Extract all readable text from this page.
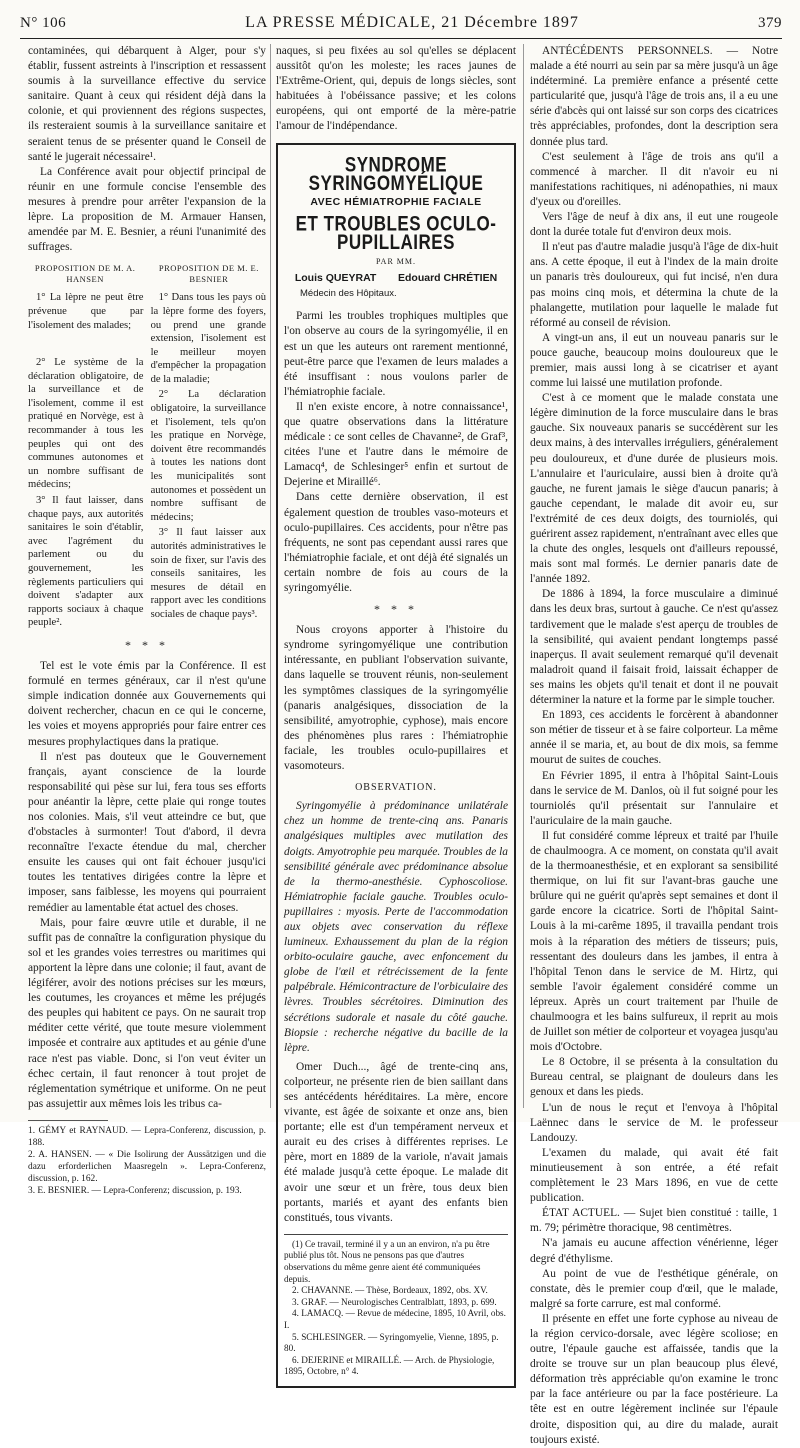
N° 106	LA PRESSE MÉDICALE, 21 Décembre 1897	379

contaminées, qui débarquent à Alger, pour s'y établir, fussent astreints à l'inscription et ressassent soumis à la surveillance effective du service sanitaire. Quant à ceux qui résident déjà dans la colonie, et qui proviennent des régions suspectes, ils resteraient soumis à la surveillance sanitaire et seraient tenus de se présenter quand le Conseil de santé le jugerait nécessaire¹.

La Conférence avait pour objectif principal de réunir en une formule concise l'ensemble des mesures à prendre pour arrêter l'expansion de la lèpre. La proposition de M. Armauer Hansen, amendée par M. E. Besnier, a réuni l'unanimité des suffrages.

PROPOSITION DE M. A. HANSEN
PROPOSITION DE M. E. BESNIER

1° La lèpre ne peut être prévenue que par l'isolement des malades;

2° Le système de la déclaration obligatoire, de la surveillance et de l'isolement, comme il est pratiqué en Norvège, est à recommander à tous les peuples qui ont des communes autonomes et un nombre suffisant de médecins;

3° Il faut laisser, dans chaque pays, aux autorités sanitaires le soin d'établir, avec l'agrément du parlement ou du gouvernement, les règlements particuliers qui doivent s'adapter aux rapports sociaux à chaque peuple².

1° Dans tous les pays où la lèpre forme des foyers, ou prend une grande extension, l'isolement est le meilleur moyen d'empêcher la propagation de la maladie;

2° La déclaration obligatoire, la surveillance et l'isolement, tels qu'on les pratique en Norvège, doivent être recommandés à toutes les nations dont les municipalités sont autonomes et possèdent un nombre suffisant de médecins;

3° Il faut laisser aux autorités administratives le soin de fixer, sur l'avis des conseils sanitaires, les mesures de détail en rapport avec les conditions sociales de chaque pays³.

* * *

Tel est le vote émis par la Conférence. Il est formulé en termes généraux, car il n'est qu'une simple indication donnée aux Gouvernements qui doivent rechercher, chacun en ce qui le concerne, les voies et moyens appropriés pour faire entrer ces mesures prophylactiques dans la pratique.

Il n'est pas douteux que le Gouvernement français, ayant conscience de la lourde responsabilité qui pèse sur lui, fera tous ses efforts pour anéantir la lèpre, cette plaie qui ronge toutes nos colonies. Mais, s'il veut atteindre ce but, que d'obstacles à surmonter! Tout d'abord, il devra reconnaître l'exacte étendue du mal, chercher ensuite les causes qui ont fait échouer jusqu'ici toutes les tentatives dirigées contre la lèpre et imposer, sans faiblesse, les moyens qui pourraient remédier au lamentable état actuel des choses.

Mais, pour faire œuvre utile et durable, il ne suffit pas de connaître la configuration physique du sol et les grandes voies terrestres ou maritimes qui apportent la lèpre dans une colonie; il faut, avant de légiférer, avoir des notions précises sur les mœurs, les coutumes, les croyances et même les préjugés des peuples qui habitent ce pays. On ne saurait trop méditer cette vérité, que toute mesure violemment imposée et contraire aux aptitudes et au génie d'une race n'est pas viable. Donc, si l'on veut éviter un échec certain, il faut renoncer à tout projet de réglementation symétrique et uniforme. On ne peut pas assujettir aux mêmes lois les tribus ca-

1. GÉMY et RAYNAUD. — Lepra-Conferenz, discussion, p. 188.

2. A. HANSEN. — « Die Isolirung der Aussätzigen und die dazu erforderlichen Maasregeln ». Lepra-Conferenz, discussion, p. 162.

3. E. BESNIER. — Lepra-Conferenz; discussion, p. 193.

naques, si peu fixées au sol qu'elles se déplacent aussitôt qu'on les moleste; les races jaunes de l'Extrême-Orient, qui, depuis de longs siècles, sont habituées à l'obéissance passive; et les colons européens, qui ont emporté de la mère-patrie l'amour de l'indépendance.

SYNDROME SYRINGOMYÉLIQUE
AVEC HÉMIATROPHIE FACIALE
ET TROUBLES OCULO-PUPILLAIRES
PAR MM.
Louis QUEYRAT Edouard CHRÉTIEN
Médecin des Hôpitaux.

Parmi les troubles trophiques multiples que l'on observe au cours de la syringomyélie, il en est un que les auteurs ont rarement mentionné, peut-être parce que l'examen de leurs malades a été insuffisant : nous voulons parler de l'hémiatrophie faciale.

Il n'en existe encore, à notre connaissance¹, que quatre observations dans la littérature médicale : ce sont celles de Chavanne², de Graf³, citées l'une et l'autre dans le mémoire de Lamacq⁴, de Schlesinger⁵ enfin et surtout de Dejerine et Miraillé⁶.

Dans cette dernière observation, il est également question de troubles vaso-moteurs et oculo-pupillaires. Ces accidents, pour n'être pas fréquents, ne sont pas cependant aussi rares que l'hémiatrophie faciale, et ont déjà été signalés un certain nombre de fois au cours de la syringomyélie.

* * *

Nous croyons apporter à l'histoire du syndrome syringomyélique une contribution intéressante, en publiant l'observation suivante, dans laquelle se trouvent réunis, non-seulement les symptômes classiques de la syringomyélie (panaris analgésiques, dissociation de la sensibilité, amyotrophie, cyphose), mais encore des phénomènes plus rares : l'hémiatrophie faciale, les troubles oculo-pupillaires et vasomoteurs.

OBSERVATION.

Syringomyélie à prédominance unilatérale chez un homme de trente-cinq ans. Panaris analgésiques multiples avec mutilation des doigts. Amyotrophie peu marquée. Troubles de la sensibilité générale avec prédominance absolue de la thermo-anesthésie. Cyphoscoliose. Hémiatrophie faciale gauche. Troubles oculo-pupillaires : myosis. Perte de l'accommodation aux objets avec conservation du réflexe lumineux. Exhaussement du plan de la région orbito-oculaire gauche, avec enfoncement du globe de l'œil et rétrécissement de la fente palpébrale. Hémicontracture de l'orbiculaire des lèvres. Troubles sécrétoires. Diminution des sécrétions sudorale et nasale du côté gauche. Biopsie : recherche négative du bacille de la lèpre.

Omer Duch..., âgé de trente-cinq ans, colporteur, ne présente rien de bien saillant dans ses antécédents héréditaires. La mère, encore vivante, est âgée de soixante et onze ans, bien portante; elle est d'un tempérament nerveux et aurait eu des crises à différentes reprises. Le père, mort en 1889 de la variole, n'avait jamais été malade jusqu'à cette époque. Le malade dit avoir une sœur et un frère, tous deux bien portants, mariés et ayant des enfants bien constitués, tous vivants.

(1) Ce travail, terminé il y a un an environ, n'a pu être publié plus tôt. Nous ne pensons pas que d'autres observations du même genre aient été communiquées depuis.

2. CHAVANNE. — Thèse, Bordeaux, 1892, obs. XV.

3. GRAF. — Neurologisches Centralblatt, 1893, p. 699.

4. LAMACQ. — Revue de médecine, 1895, 10 Avril, obs. I.

5. SCHLESINGER. — Syringomyelie, Vienne, 1895, p. 80.

6. DEJERINE et MIRAILLÉ. — Arch. de Physiologie, 1895, Octobre, n° 4.

ANTÉCÉDENTS PERSONNELS. — Notre malade a été nourri au sein par sa mère jusqu'à un âge indéterminé. La première enfance a présenté cette particularité que, jusqu'à l'âge de trois ans, il a eu une série d'abcès qui ont laissé sur son corps des cicatrices très appréciables, profondes, dont la description sera donnée plus tard.

C'est seulement à l'âge de trois ans qu'il a commencé à marcher. Il dit n'avoir eu ni manifestations rachitiques, ni adénopathies, ni maux d'yeux ou d'oreilles.

Vers l'âge de neuf à dix ans, il eut une rougeole dont la durée totale fut d'environ deux mois.

Il n'eut pas d'autre maladie jusqu'à l'âge de dix-huit ans. A cette époque, il eut à l'index de la main droite un panaris très douloureux, qui fut incisé, n'en dura pas moins cinq mois, et détermina la chute de la phalangette, mutilation pour laquelle le malade fut réformé au conseil de révision.

A vingt-un ans, il eut un nouveau panaris sur le pouce gauche, beaucoup moins douloureux que le premier, mais aussi long à se cicatriser et ayant comme lui laissé une mutilation profonde.

C'est à ce moment que le malade constata une légère diminution de la force musculaire dans le bras gauche. Six nouveaux panaris se succédèrent sur les deux mains, à des intervalles irréguliers, généralement peu douloureux, et d'une durée de plusieurs mois. L'annulaire et l'auriculaire, aussi bien à droite qu'à gauche, ne furent jamais le siège d'aucun panaris; à gauche cependant, le malade dit avoir eu, sur l'extrémité de ces deux doigts, des tourniolés, qui guérirent assez rapidement, n'entraînant avec elles que la chute des ongles, lesquels ont d'ailleurs repoussé, mais sont mal formés. Le dernier panaris date de l'année 1892.

De 1886 à 1894, la force musculaire a diminué dans les deux bras, surtout à gauche. Ce n'est qu'assez tardivement que le malade s'est aperçu de troubles de la sensibilité, qui avaient pendant longtemps passé inaperçus. Il avait seulement remarqué qu'il devenait maladroit quand il faisait froid, laissait échapper de ses mains les objets qu'il tenait et dont il ne pouvait déterminer la nature et la forme par le simple toucher.

En 1893, ces accidents le forcèrent à abandonner son métier de tisseur et à se faire colporteur. La même année il se maria, et, au bout de dix mois, sa femme mourut de suites de couches.

En Février 1895, il entra à l'hôpital Saint-Louis dans le service de M. Danlos, où il fut soigné pour les tourniolés qu'il présentait sur l'annulaire et l'auriculaire de la main gauche.

Il fut considéré comme lépreux et traité par l'huile de chaulmoogra. A ce moment, on constata qu'il avait de la thermoanesthésie, et en explorant sa sensibilité thermique, on lui fit sur l'avant-bras gauche une brûlure qui ne guérit qu'après sept semaines et dont il garde encore la cicatrice. Sorti de l'hôpital Saint-Louis à la mi-carême 1895, il travailla pendant trois mois à la réparation des métiers de tisseurs; puis, ressentant des douleurs dans les jambes, il entra à l'hôpital Tenon dans le service de M. Hirtz, qui semble l'avoir également considéré comme un lépreux. Après un court traitement par l'huile de chaulmoogra et les bains sulfureux, il reprit au mois de Juillet son métier de colporteur et voyagea jusqu'au mois d'Octobre.

Le 8 Octobre, il se présenta à la consultation du Bureau central, se plaignant de douleurs dans les genoux et dans les pieds.

L'un de nous le reçut et l'envoya à l'hôpital Laënnec dans le service de M. le professeur Landouzy.

L'examen du malade, qui avait été fait minutieusement à son entrée, a été refait complètement le 23 Mars 1896, en vue de cette publication.

ÉTAT ACTUEL. — Sujet bien constitué : taille, 1 m. 79; périmètre thoracique, 98 centimètres.

N'a jamais eu aucune affection vénérienne, léger degré d'éthylisme.

Au point de vue de l'esthétique générale, on constate, dès le premier coup d'œil, que le malade, malgré sa forte carrure, est mal conformé.

Il présente en effet une forte cyphose au niveau de la région cervico-dorsale, avec légère scoliose; en outre, l'épaule gauche est affaissée, tandis que la droite se trouve sur un plan beaucoup plus élevé, déformation très appréciable qu'on examine le tronc par la face antérieure ou par la face postérieure. La tête est en outre légèrement inclinée sur l'épaule droite, disposition qui, au dire du malade, aurait toujours existé.
